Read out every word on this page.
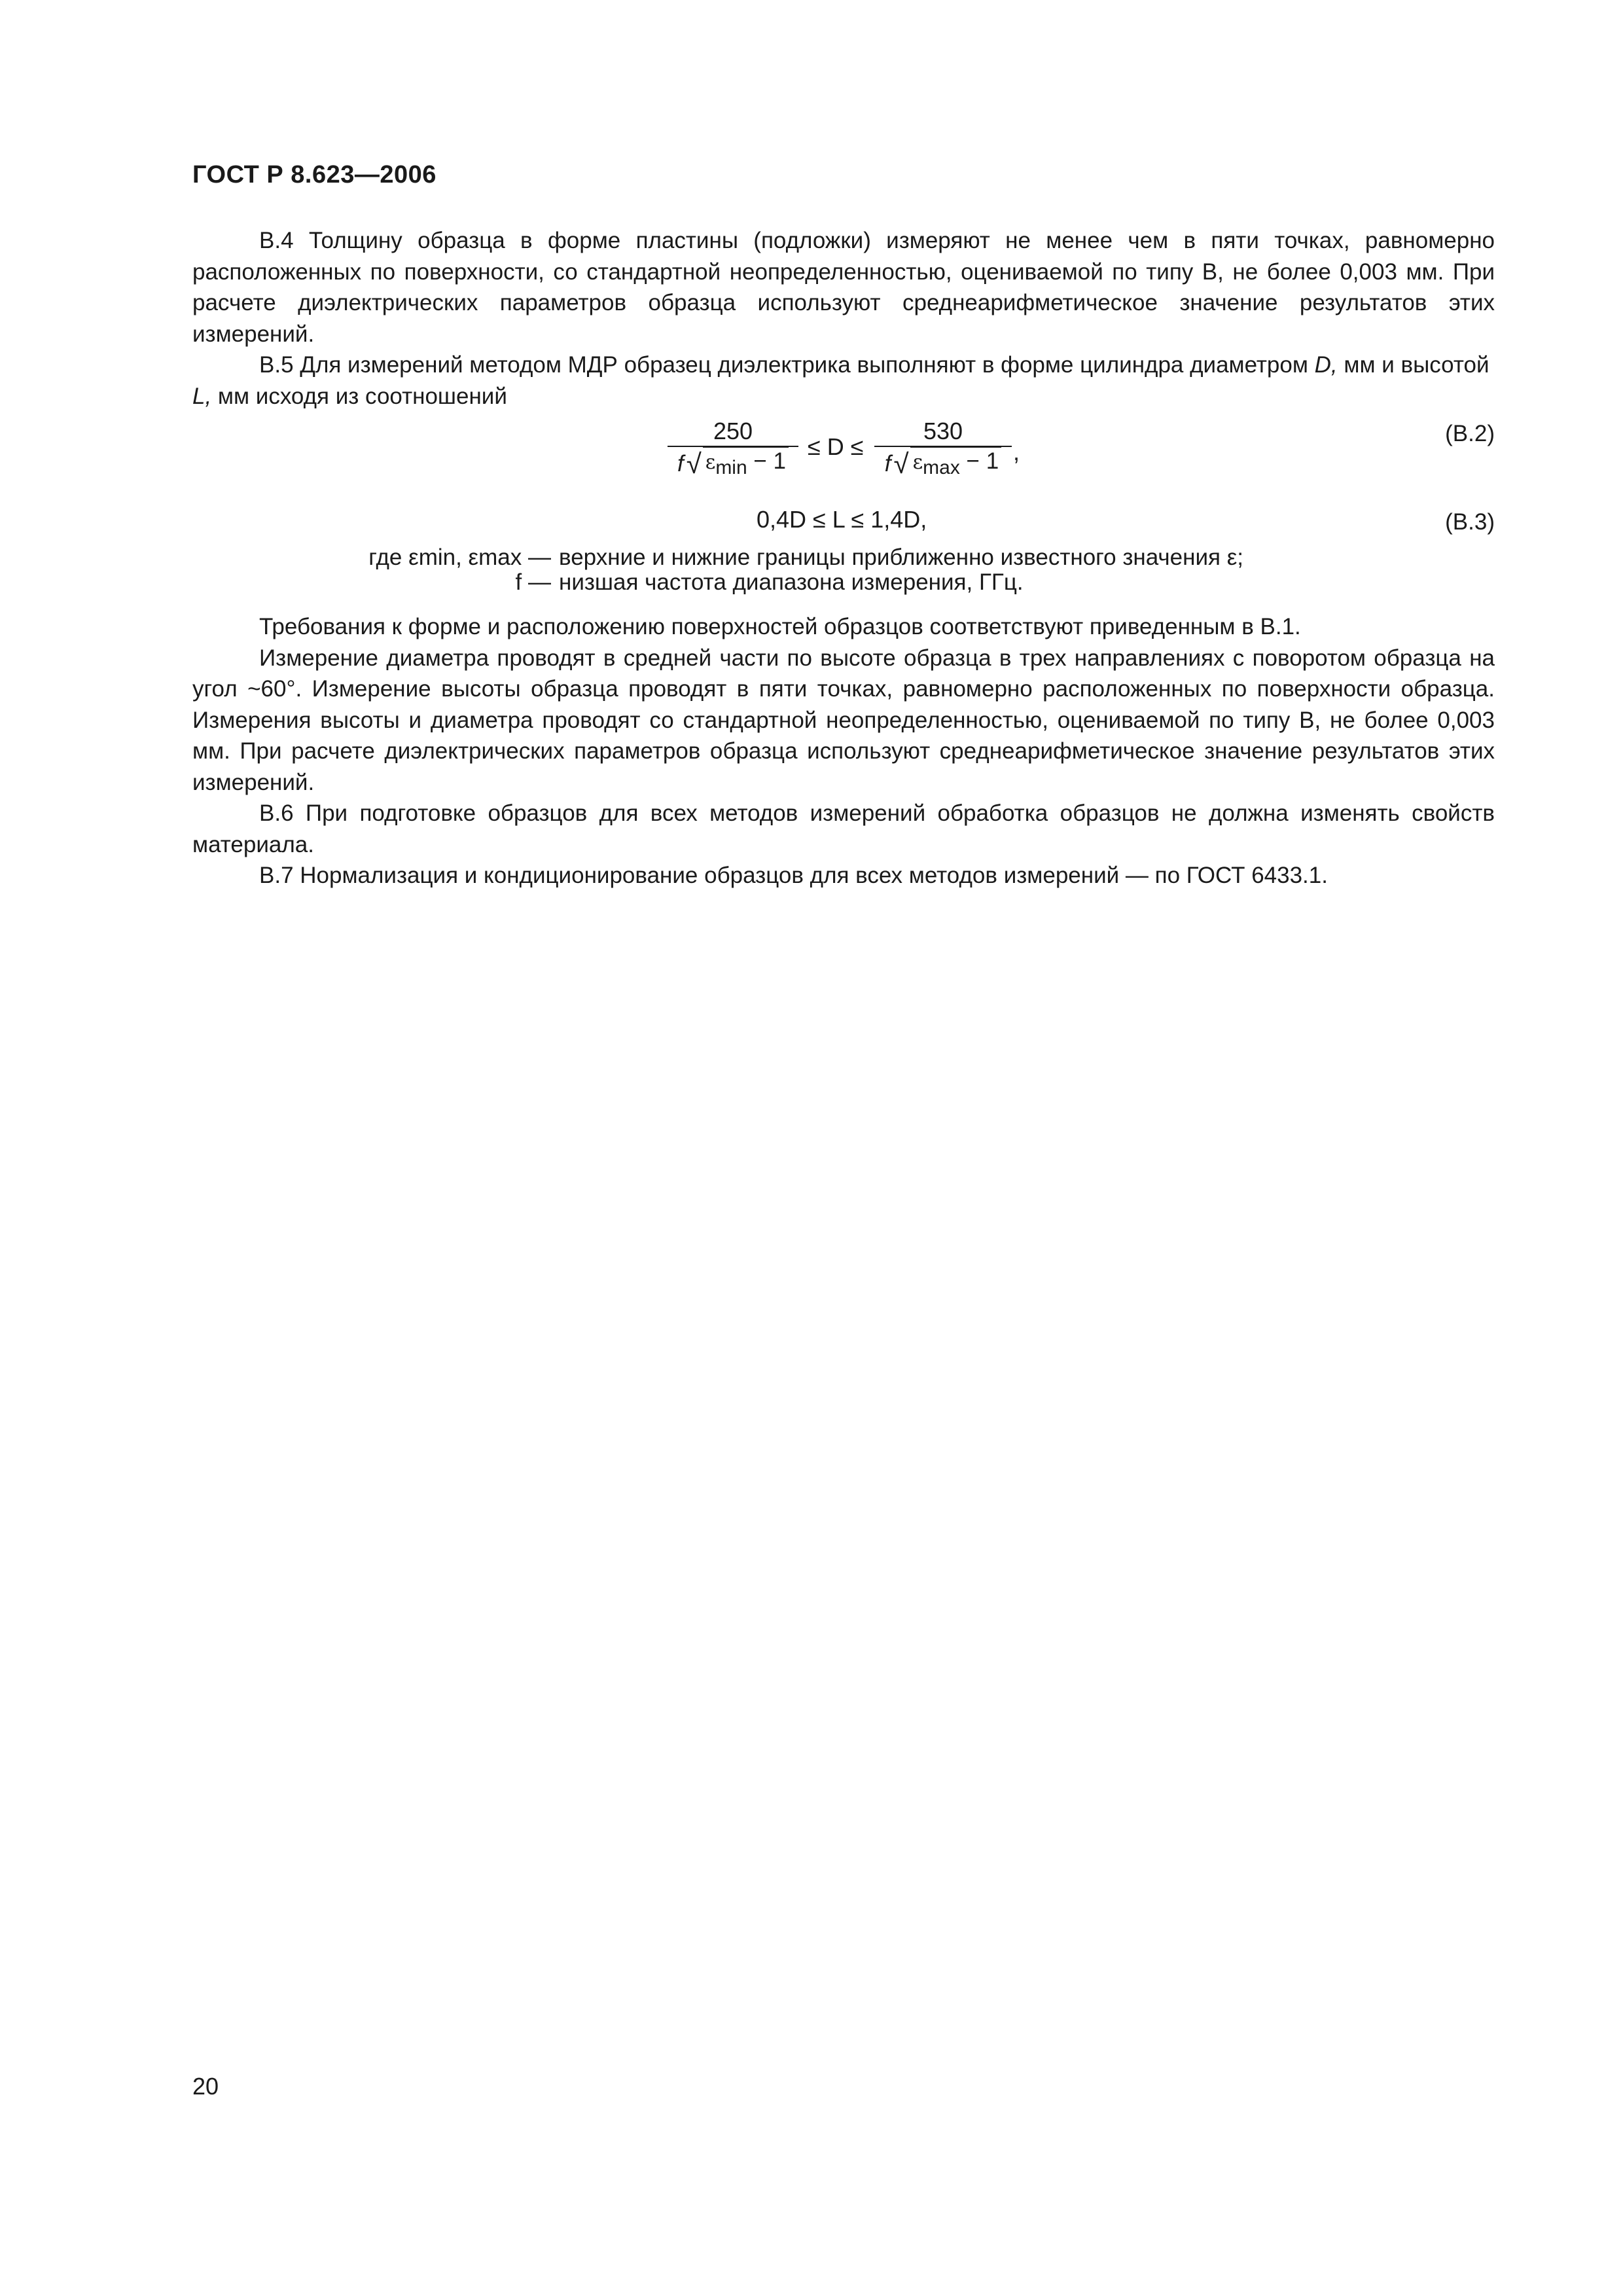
ГОСТ Р 8.623—2006

В.4 Толщину образца в форме пластины (подложки) измеряют не менее чем в пяти точках, равномерно расположенных по поверхности, со стандартной неопределенностью, оцениваемой по типу В, не более 0,003 мм. При расчете диэлектрических параметров образца используют среднеарифметическое значение результатов этих измерений.

В.5 Для измерений методом МДР образец диэлектрика выполняют в форме цилиндра диаметром D, мм и высотой L, мм исходя из соотношений

250
f √ εmin − 1
≤ D ≤
530
f √ εmax − 1 ,
(В.2)
0,4D ≤ L ≤ 1,4D,	(В.3)
где εmin, εmax — верхние и нижние границы приближенно известного значения ε;
f — низшая частота диапазона измерения, ГГц.

Требования к форме и расположению поверхностей образцов соответствуют приведенным в В.1.

Измерение диаметра проводят в средней части по высоте образца в трех направлениях с поворотом образца на угол ~60°. Измерение высоты образца проводят в пяти точках, равномерно расположенных по поверхности образца. Измерения высоты и диаметра проводят со стандартной неопределенностью, оцениваемой по типу В, не более 0,003 мм. При расчете диэлектрических параметров образца используют среднеарифметическое значение результатов этих измерений.

В.6 При подготовке образцов для всех методов измерений обработка образцов не должна изменять свойств материала.

В.7 Нормализация и кондиционирование образцов для всех методов измерений — по ГОСТ 6433.1.

20
